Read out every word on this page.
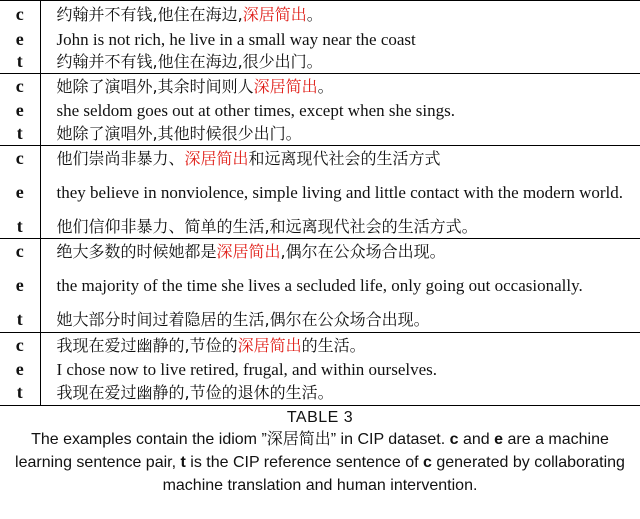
c	约翰并不有钱,他住在海边,深居简出。
e	John is not rich, he live in a small way near the coast
t	约翰并不有钱,他住在海边,很少出门。
c	她除了演唱外,其余时间则人深居简出。
e	she seldom goes out at other times, except when she sings.
t	她除了演唱外,其他时候很少出门。
c	他们崇尚非暴力、深居简出和远离现代社会的生活方式
e	they believe in nonviolence, simple living and little contact with the modern world.
t	他们信仰非暴力、简单的生活,和远离现代社会的生活方式。
c	绝大多数的时候她都是深居简出,偶尔在公众场合出现。
e	the majority of the time she lives a secluded life, only going out occasionally.
t	她大部分时间过着隐居的生活,偶尔在公众场合出现。
c	我现在爱过幽静的,节俭的深居简出的生活。
e	I chose now to live retired, frugal, and within ourselves.
t	我现在爱过幽静的,节俭的退休的生活。
TABLE 3
The examples contain the idiom ”深居简出” in CIP dataset. c and e are a machine learning sentence pair, t is the CIP reference sentence of c generated by collaborating machine translation and human intervention.
